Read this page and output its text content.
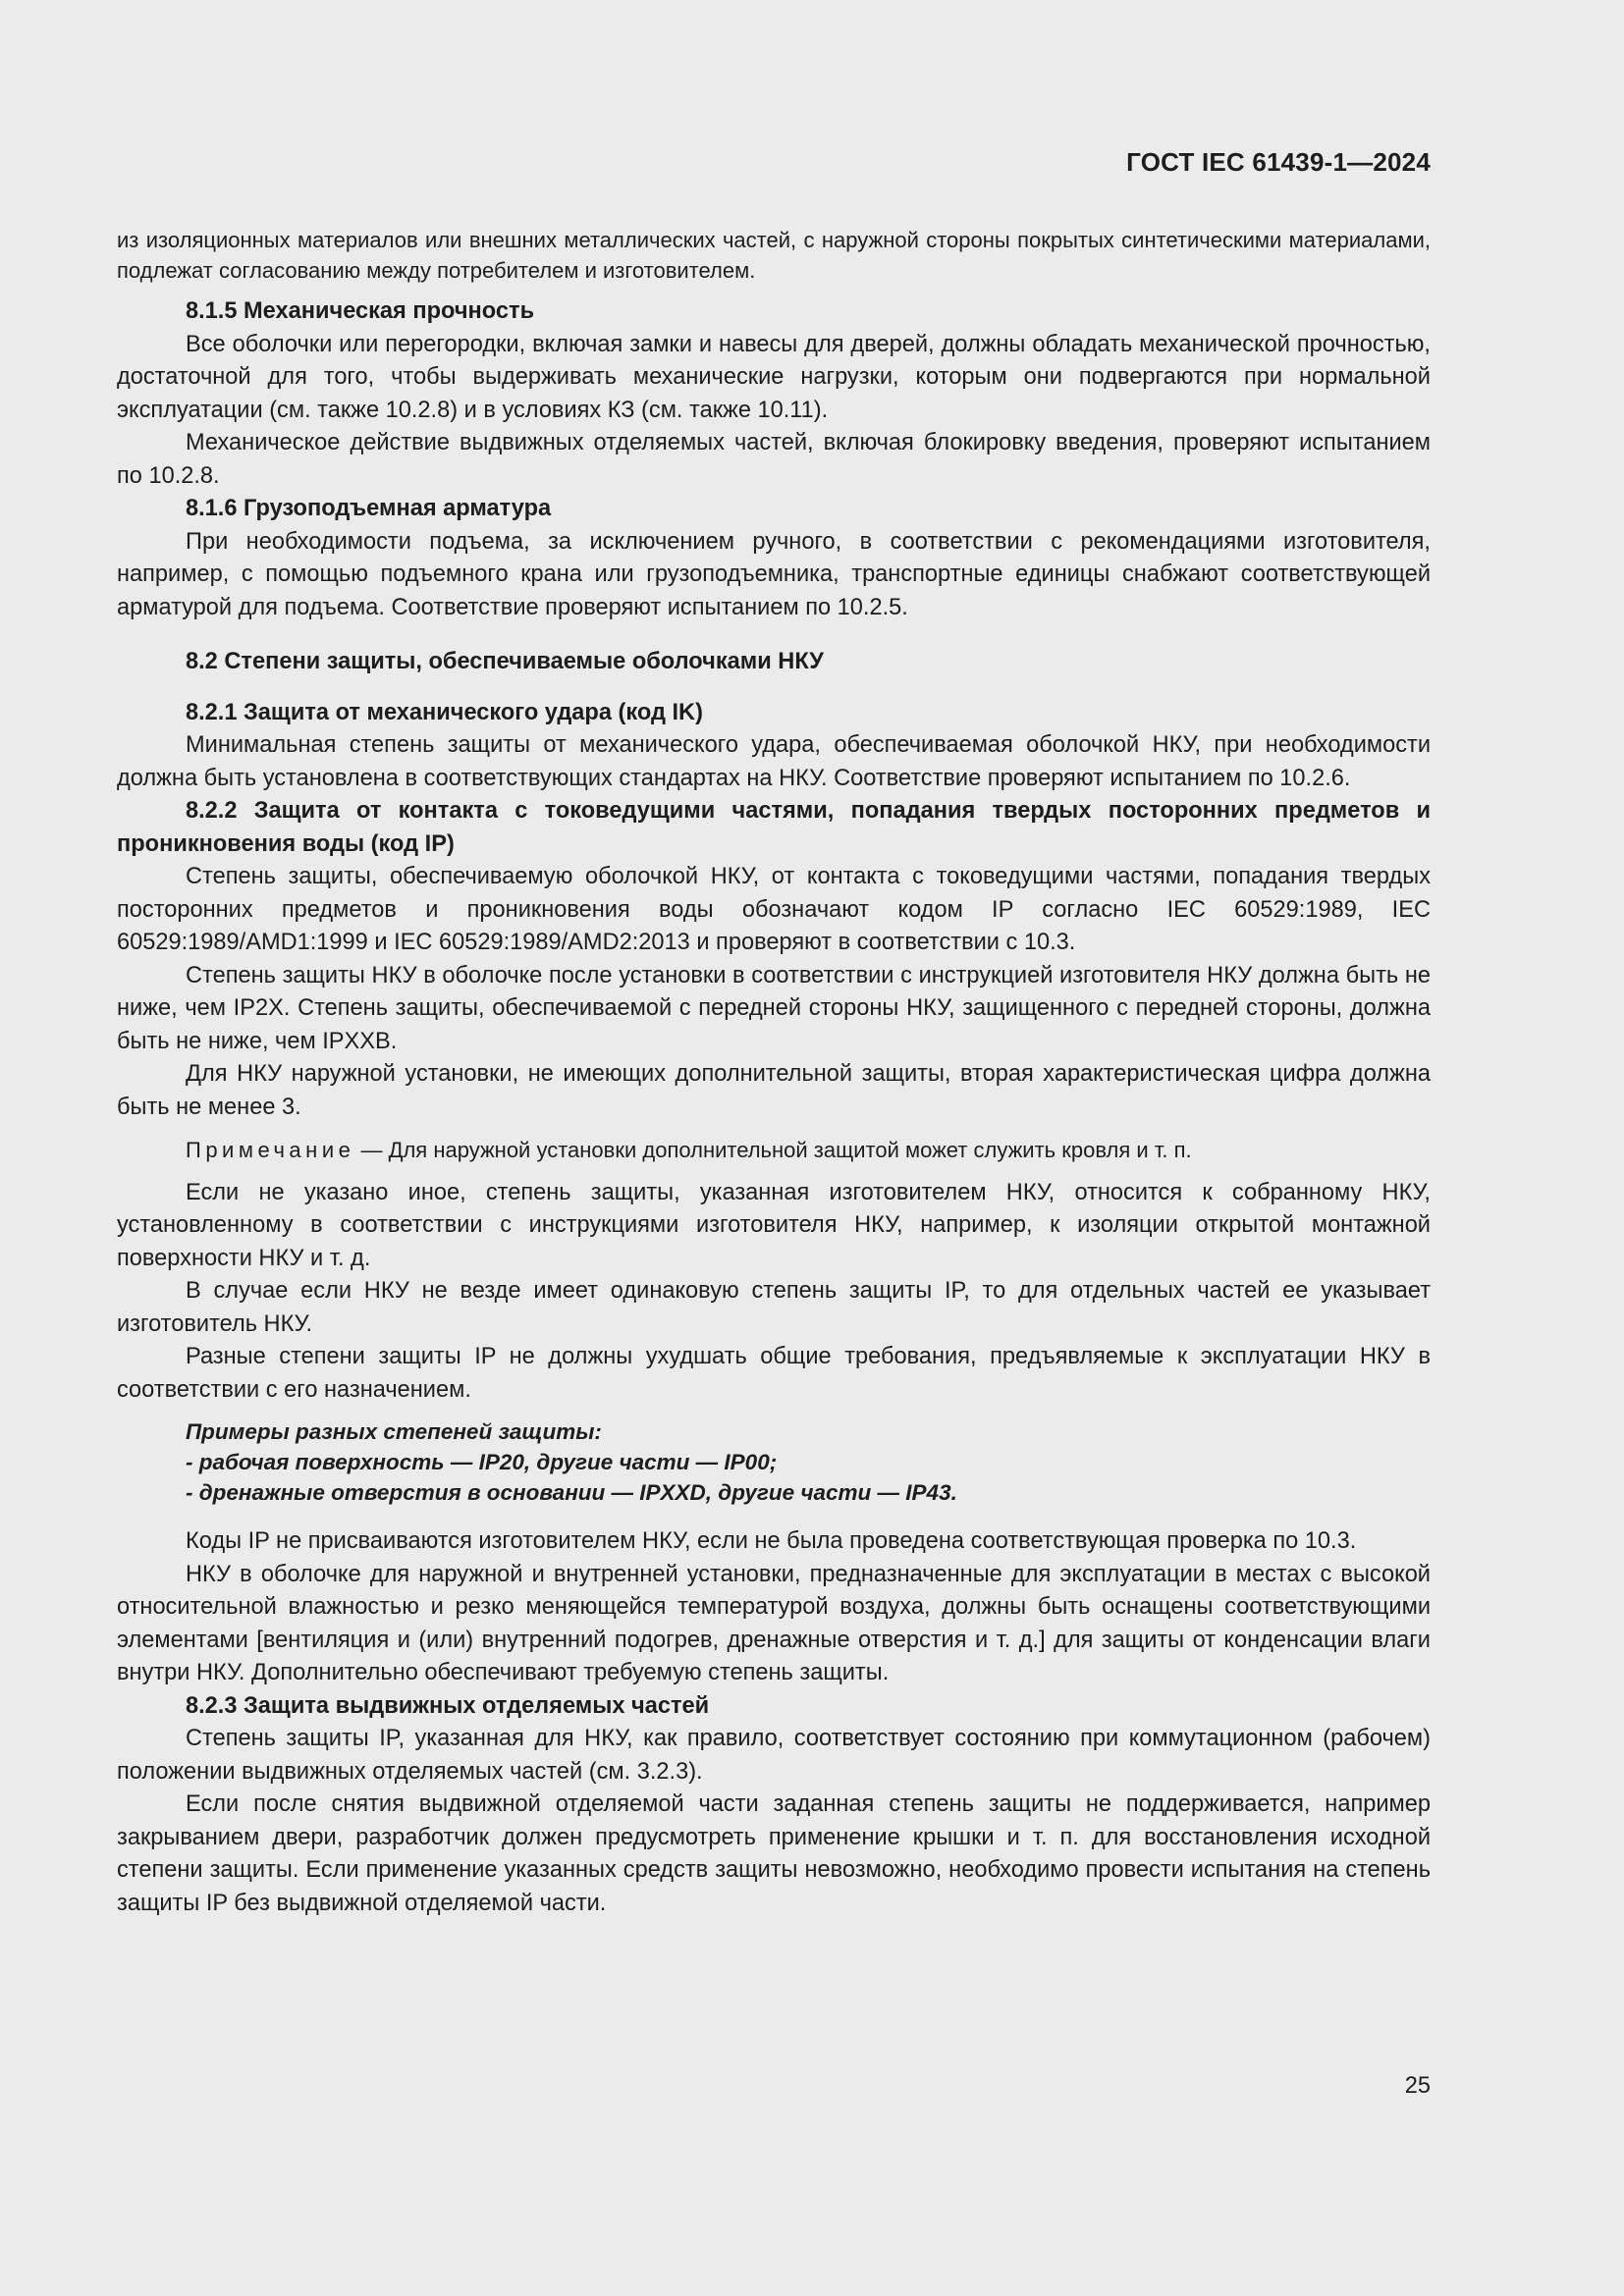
ГОСТ IEC 61439-1—2024

из изоляционных материалов или внешних металлических частей, с наружной стороны покрытых синтетическими материалами, подлежат согласованию между потребителем и изготовителем.

8.1.5 Механическая прочность

Все оболочки или перегородки, включая замки и навесы для дверей, должны обладать механической прочностью, достаточной для того, чтобы выдерживать механические нагрузки, которым они подвергаются при нормальной эксплуатации (см. также 10.2.8) и в условиях КЗ (см. также 10.11).

Механическое действие выдвижных отделяемых частей, включая блокировку введения, проверяют испытанием по 10.2.8.

8.1.6 Грузоподъемная арматура

При необходимости подъема, за исключением ручного, в соответствии с рекомендациями изготовителя, например, с помощью подъемного крана или грузоподъемника, транспортные единицы снабжают соответствующей арматурой для подъема. Соответствие проверяют испытанием по 10.2.5.

8.2 Степени защиты, обеспечиваемые оболочками НКУ

8.2.1 Защита от механического удара (код IK)

Минимальная степень защиты от механического удара, обеспечиваемая оболочкой НКУ, при необходимости должна быть установлена в соответствующих стандартах на НКУ. Соответствие проверяют испытанием по 10.2.6.

8.2.2 Защита от контакта с токоведущими частями, попадания твердых посторонних предметов и проникновения воды (код IP)

Степень защиты, обеспечиваемую оболочкой НКУ, от контакта с токоведущими частями, попадания твердых посторонних предметов и проникновения воды обозначают кодом IP согласно IEC 60529:1989, IEC 60529:1989/AMD1:1999 и IEC 60529:1989/AMD2:2013 и проверяют в соответствии с 10.3.

Степень защиты НКУ в оболочке после установки в соответствии с инструкцией изготовителя НКУ должна быть не ниже, чем IP2X. Степень защиты, обеспечиваемой с передней стороны НКУ, защищенного с передней стороны, должна быть не ниже, чем IPXXB.

Для НКУ наружной установки, не имеющих дополнительной защиты, вторая характеристическая цифра должна быть не менее 3.

Примечание — Для наружной установки дополнительной защитой может служить кровля и т. п.

Если не указано иное, степень защиты, указанная изготовителем НКУ, относится к собранному НКУ, установленному в соответствии с инструкциями изготовителя НКУ, например, к изоляции открытой монтажной поверхности НКУ и т. д.

В случае если НКУ не везде имеет одинаковую степень защиты IP, то для отдельных частей ее указывает изготовитель НКУ.

Разные степени защиты IP не должны ухудшать общие требования, предъявляемые к эксплуатации НКУ в соответствии с его назначением.

Примеры разных степеней защиты:
- рабочая поверхность — IP20, другие части — IP00;
- дренажные отверстия в основании — IPXXD, другие части — IP43.

Коды IP не присваиваются изготовителем НКУ, если не была проведена соответствующая проверка по 10.3.

НКУ в оболочке для наружной и внутренней установки, предназначенные для эксплуатации в местах с высокой относительной влажностью и резко меняющейся температурой воздуха, должны быть оснащены соответствующими элементами [вентиляция и (или) внутренний подогрев, дренажные отверстия и т. д.] для защиты от конденсации влаги внутри НКУ. Дополнительно обеспечивают требуемую степень защиты.

8.2.3 Защита выдвижных отделяемых частей

Степень защиты IP, указанная для НКУ, как правило, соответствует состоянию при коммутационном (рабочем) положении выдвижных отделяемых частей (см. 3.2.3).

Если после снятия выдвижной отделяемой части заданная степень защиты не поддерживается, например закрыванием двери, разработчик должен предусмотреть применение крышки и т. п. для восстановления исходной степени защиты. Если применение указанных средств защиты невозможно, необходимо провести испытания на степень защиты IP без выдвижной отделяемой части.

25
